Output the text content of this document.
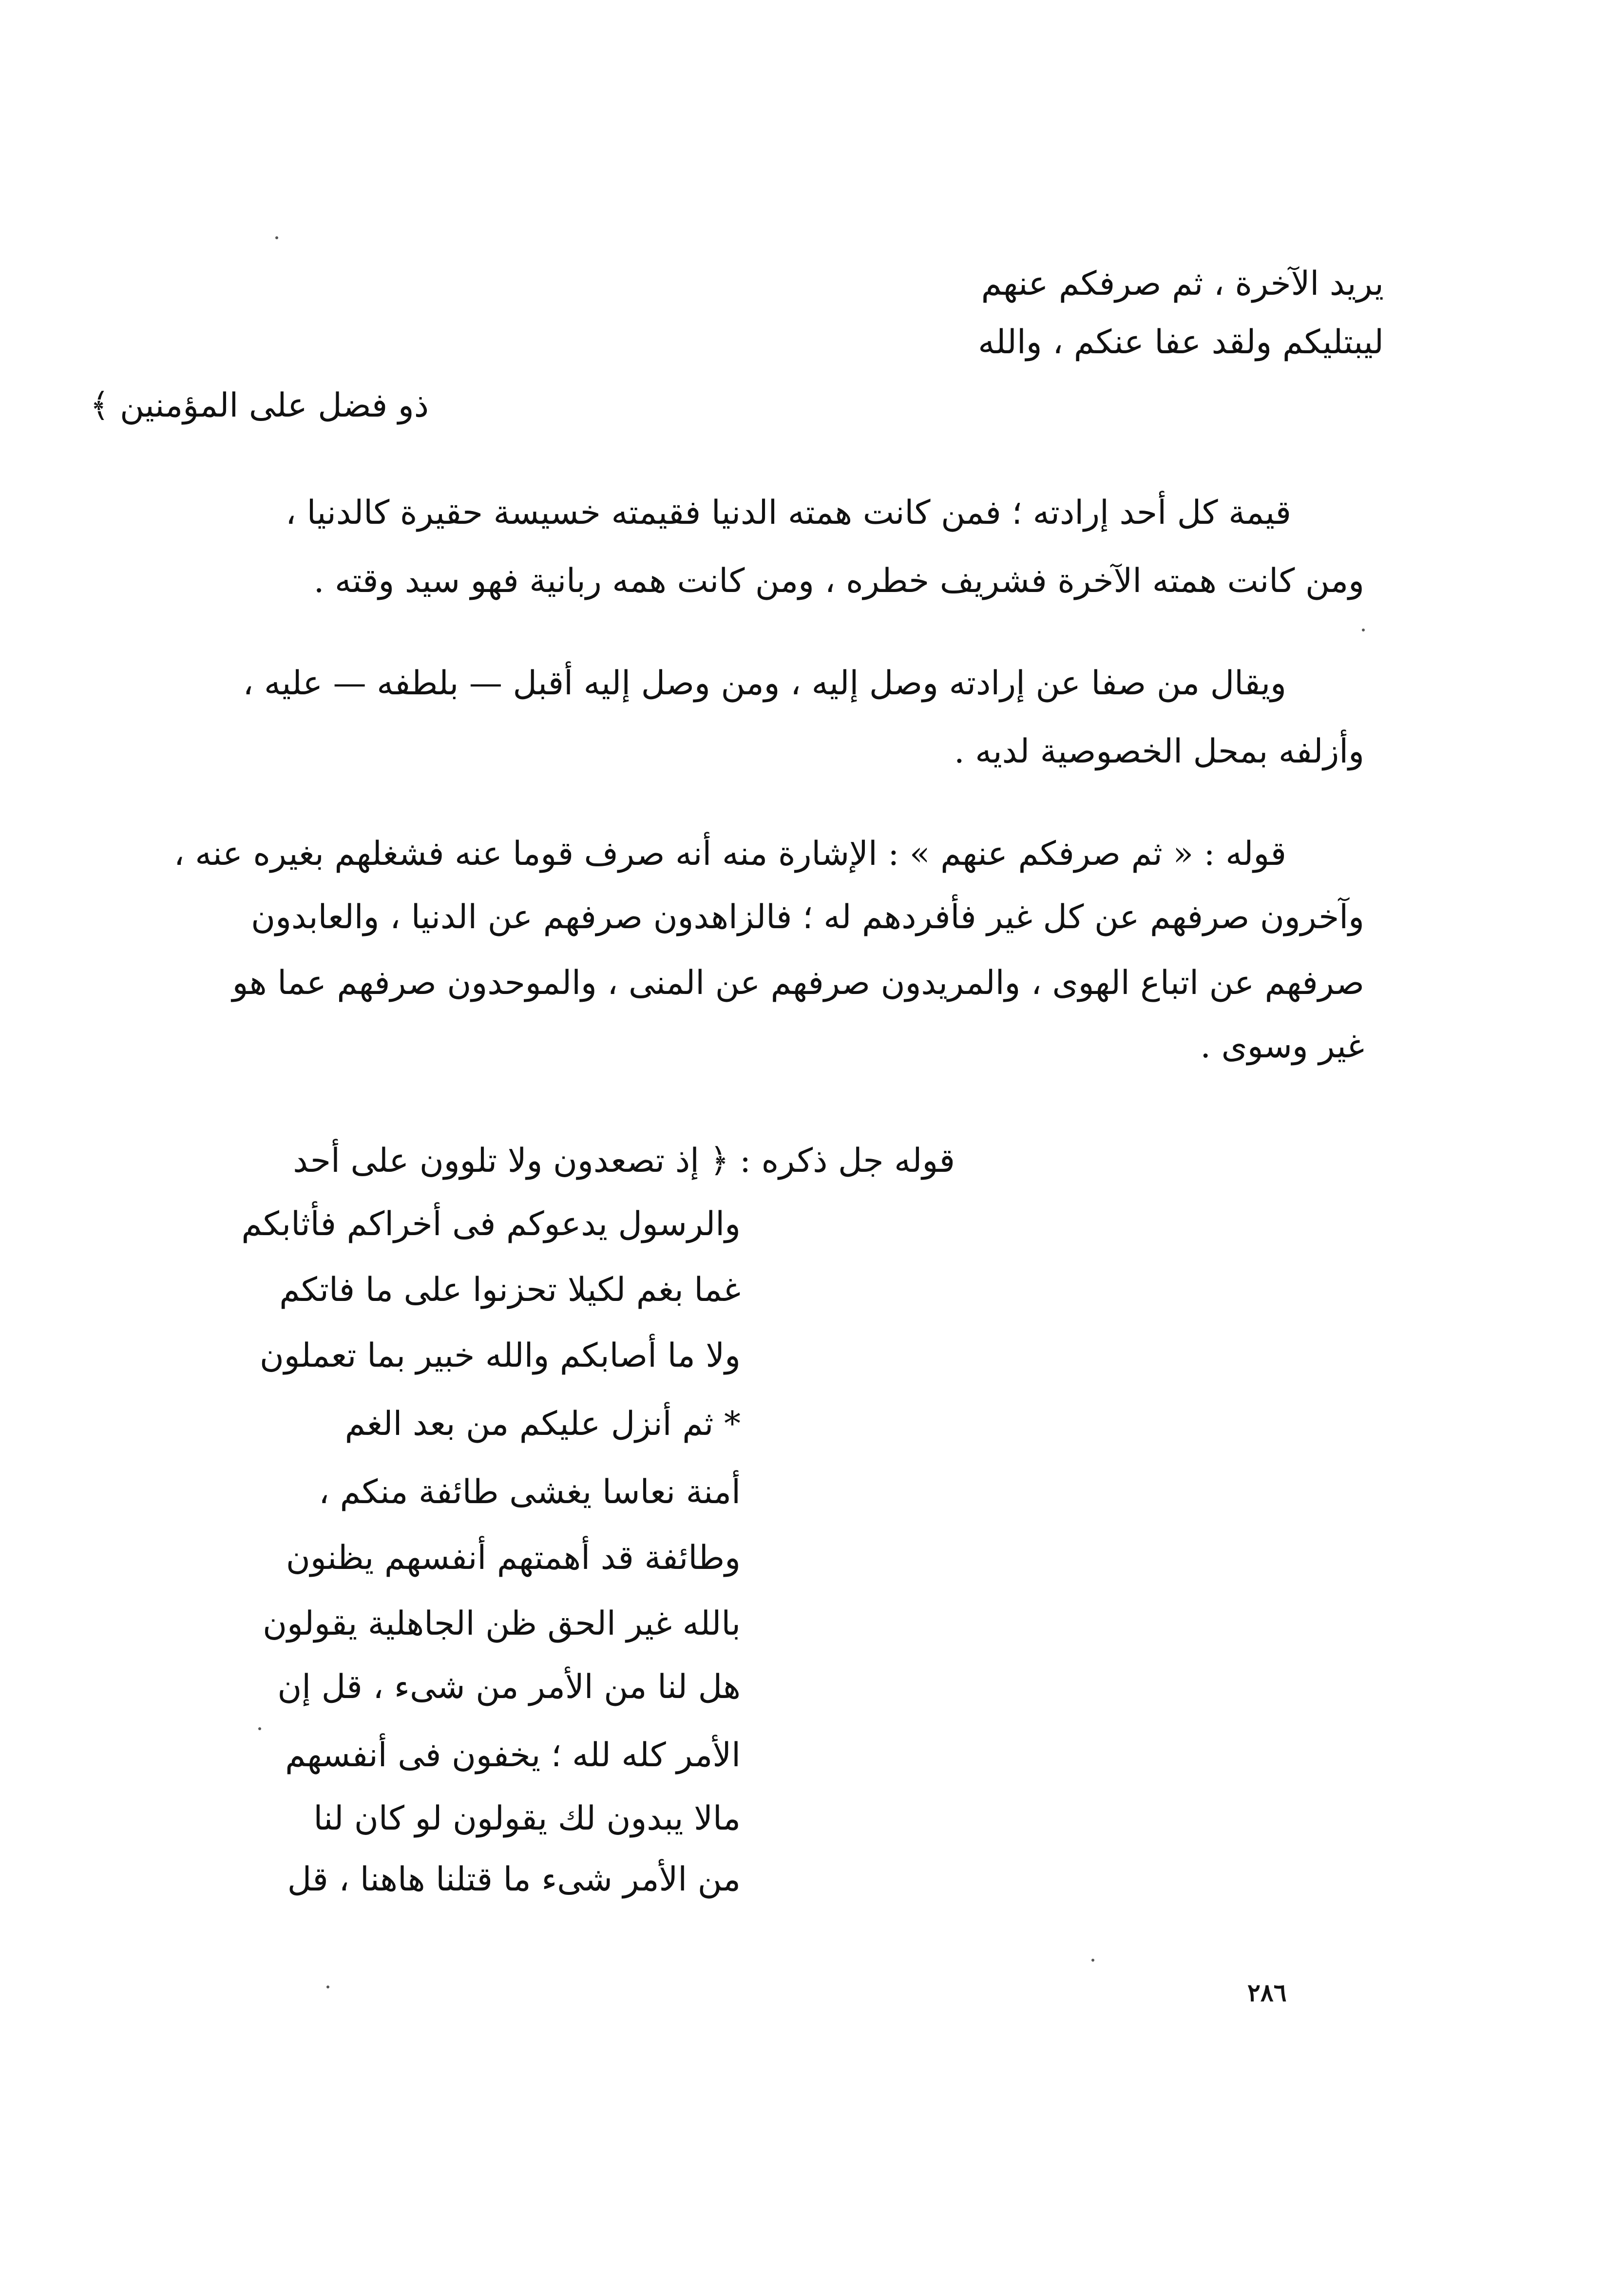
يريد الآخرة ، ثم صرفكم عنهم
ليبتليكم ولقد عفا عنكم ، والله
ذو فضل على المؤمنين ﴾
قيمة كل أحد إرادته ؛ فمن كانت همته الدنيا فقيمته خسيسة حقيرة كالدنيا ،
ومن كانت همته الآخرة فشريف خطره ، ومن كانت همه ربانية فهو سيد وقته .
ويقال من صفا عن إرادته وصل إليه ، ومن وصل إليه أقبل — بلطفه — عليه ،
وأزلفه بمحل الخصوصية لديه .
قوله : « ثم صرفكم عنهم » : الإشارة منه أنه صرف قوما عنه فشغلهم بغيره عنه ،
وآخرون صرفهم عن كل غير فأفردهم له ؛ فالزاهدون صرفهم عن الدنيا ، والعابدون
صرفهم عن اتباع الهوى ، والمريدون صرفهم عن المنى ، والموحدون صرفهم عما هو
غير وسوى .
قوله جل ذكره : ﴿ إذ تصعدون ولا تلوون على أحد
والرسول يدعوكم فى أخراكم فأثابكم
غما بغم لكيلا تحزنوا على ما فاتكم
ولا ما أصابكم والله خبير بما تعملون
* ثم أنزل عليكم من بعد الغم
أمنة نعاسا يغشى طائفة منكم ،
وطائفة قد أهمتهم أنفسهم يظنون
بالله غير الحق ظن الجاهلية يقولون
هل لنا من الأمر من شىء ، قل إن
الأمر كله لله ؛ يخفون فى أنفسهم
مالا يبدون لك يقولون لو كان لنا
من الأمر شىء ما قتلنا هاهنا ، قل
٢٨٦
